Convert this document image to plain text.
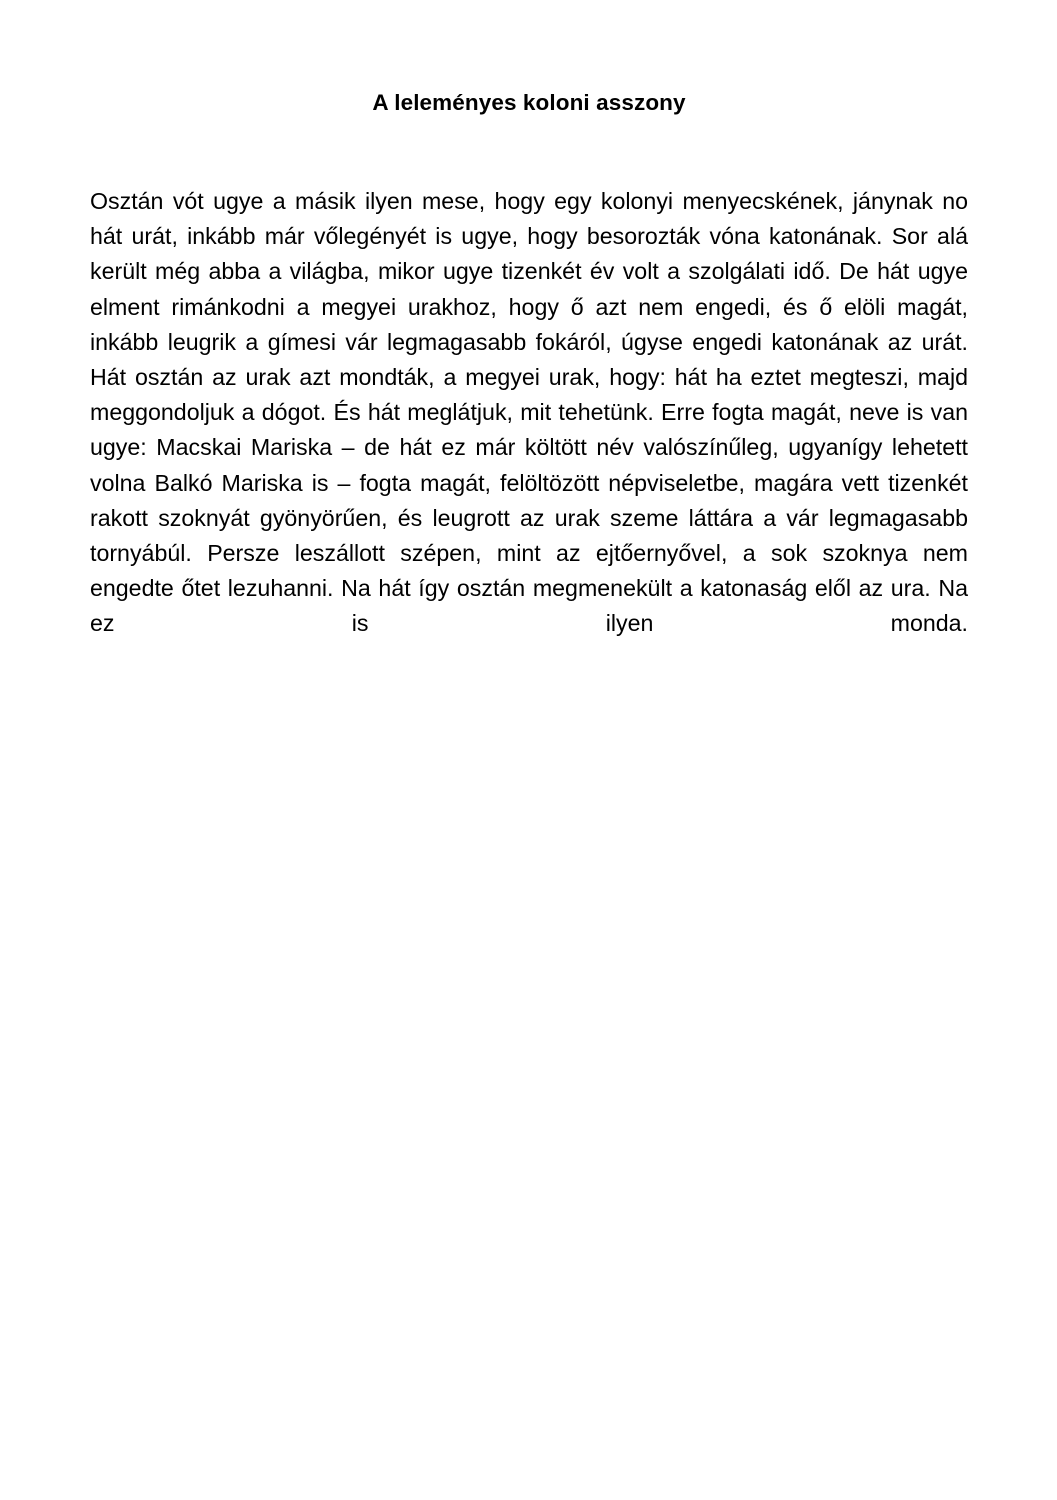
A leleményes koloni asszony

Osztán vót ugye a másik ilyen mese, hogy egy kolonyi menyecskének, jánynak no hát urát, inkább már vőlegényét is ugye, hogy besorozták vóna katonának. Sor alá került még abba a világba, mikor ugye tizenkét év volt a szolgálati idő. De hát ugye elment rimánkodni a megyei urakhoz, hogy ő azt nem engedi, és ő elöli magát, inkább leugrik a gímesi vár legmagasabb fokáról, úgyse engedi katonának az urát. Hát osztán az urak azt mondták, a megyei urak, hogy: hát ha eztet megteszi, majd meggondoljuk a dógot. És hát meglátjuk, mit tehetünk. Erre fogta magát, neve is van ugye: Macskai Mariska – de hát ez már költött név valószínűleg, ugyanígy lehetett volna Balkó Mariska is – fogta magát, felöltözött népviseletbe, magára vett tizenkét rakott szoknyát gyönyörűen, és leugrott az urak szeme láttára a vár legmagasabb tornyábúl. Persze leszállott szépen, mint az ejtőernyővel, a sok szoknya nem engedte őtet lezuhanni. Na hát így osztán megmenekült a katonaság elől az ura. Na ez is ilyen monda.
